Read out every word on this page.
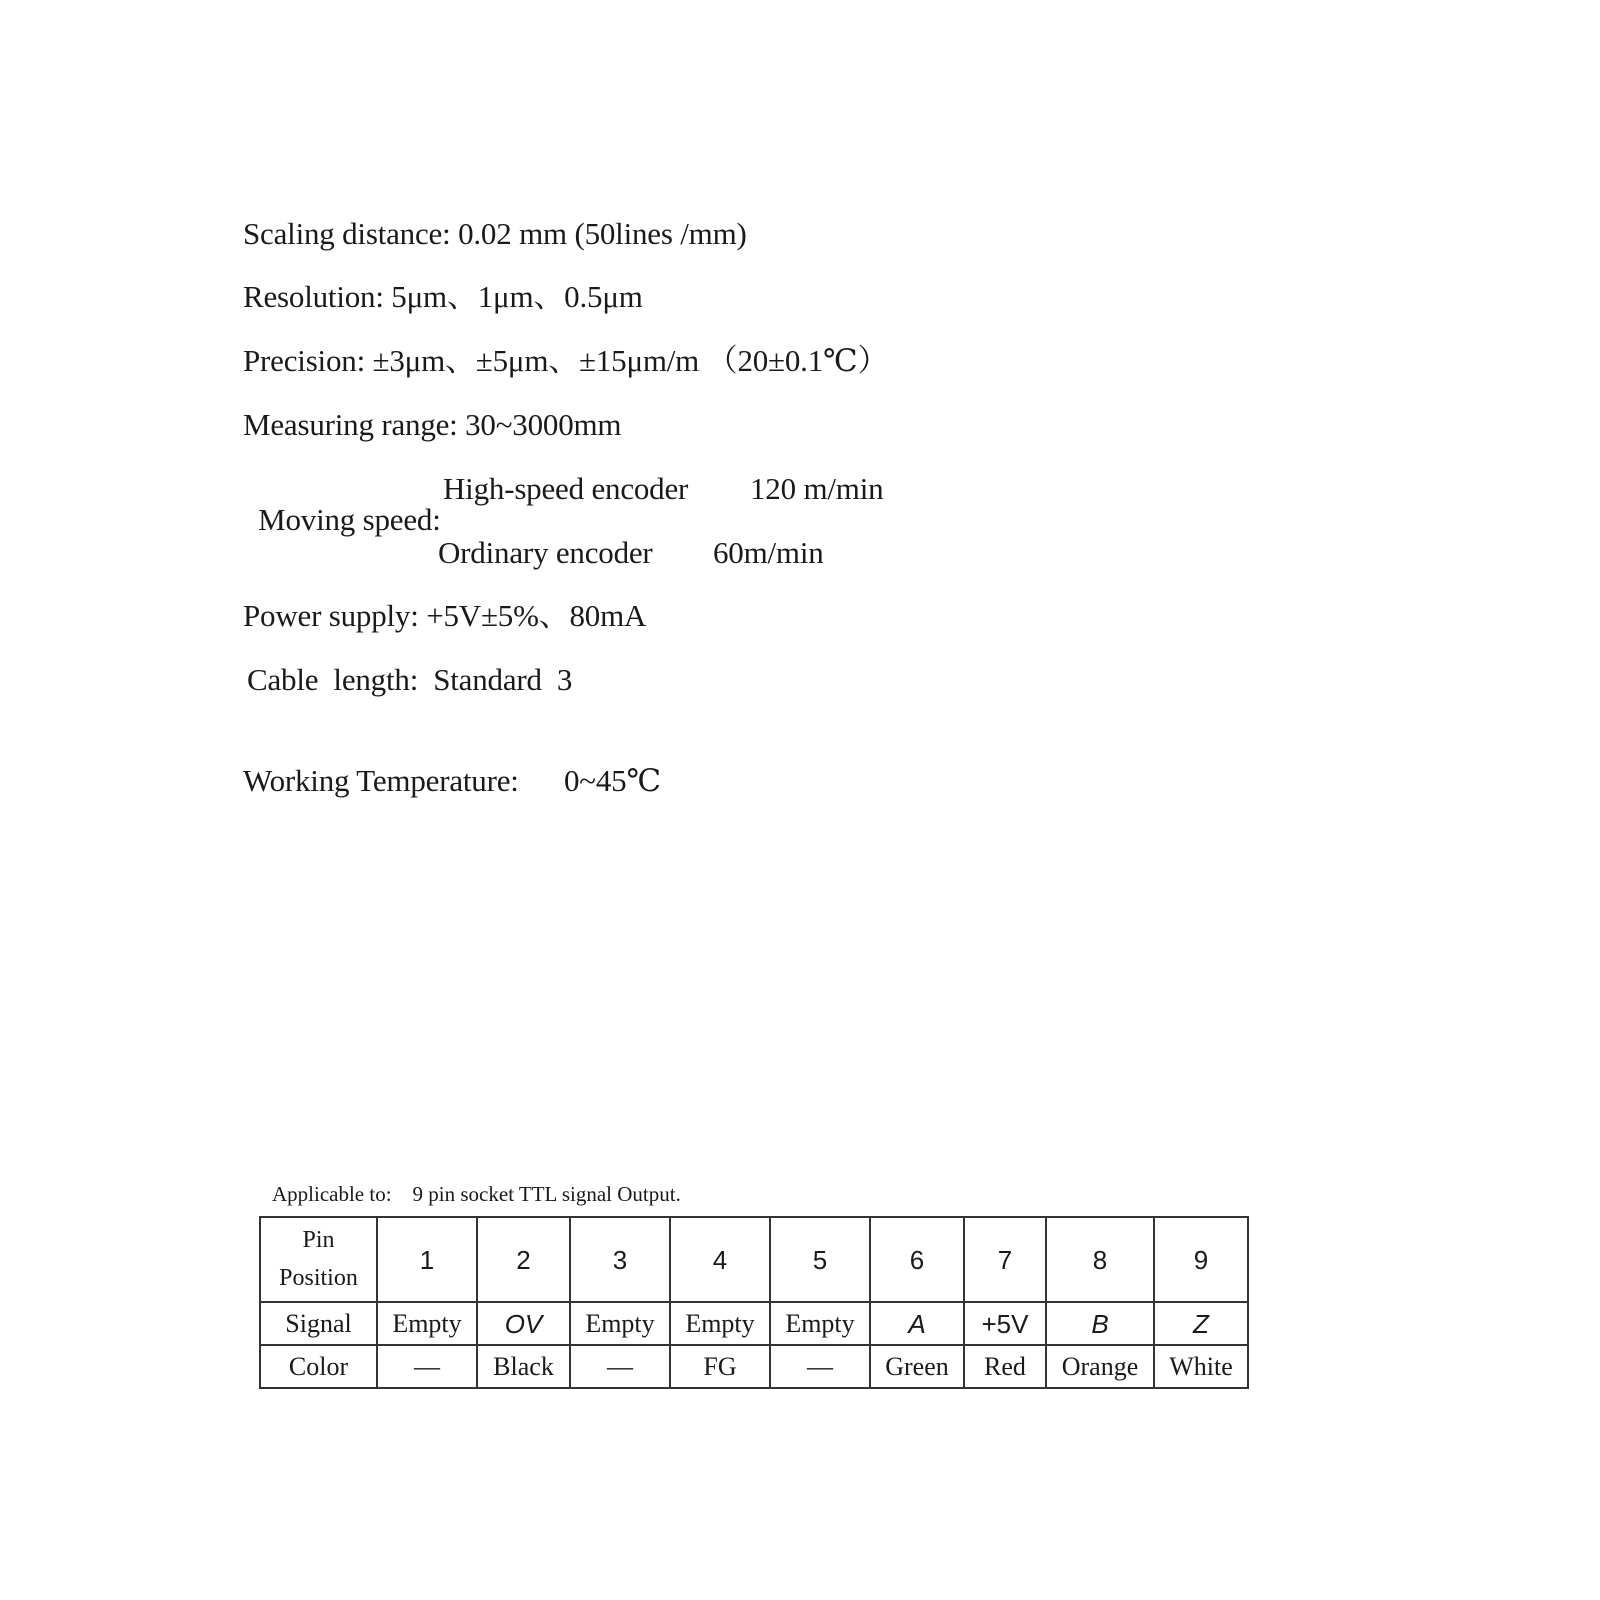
Scaling distance: 0.02 mm (50lines /mm)

Resolution: 5μm、1μm、0.5μm

Precision: ±3μm、±5μm、±15μm/m （20±0.1℃）

Measuring range: 30~3000mm

Moving speed:

High-speed encoder 120 m/min
Ordinary encoder 60m/min

Power supply: +5V±5%、80mA

Cable  length:  Standard  3

Working Temperature: 0~45℃
Applicable to:    9 pin socket TTL signal Output.
Pin
Position	1	2	3	4	5	6	7	8	9
Signal	Empty	OV	Empty	Empty	Empty	A	+5V	B	Z
Color	—	Black	—	FG	—	Green	Red	Orange	White
